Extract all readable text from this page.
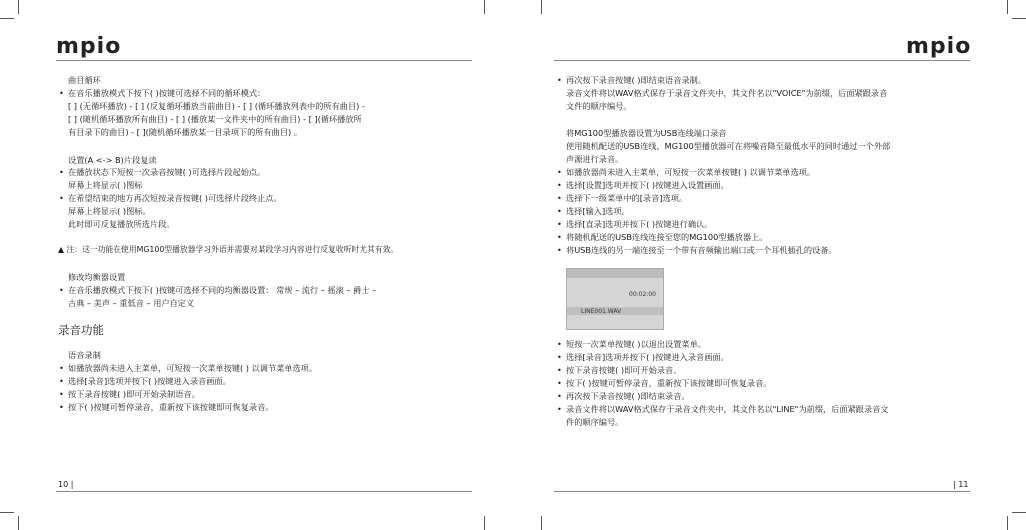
mpio	mpio
曲目循环
• 在音乐播放模式下按下( )按键可选择不同的循环模式：
[ ] (无循环播放) - [ ] (反复循环播放当前曲目) - [ ] (循环播放列表中的所有曲目) -
[ ] (随机循环播放所有曲目) - [ ] (播放某一文件夹中的所有曲目) - [ ](循环播放所
有目录下的曲目) - [ ](随机循环播放某一目录项下的所有曲目) 。
设置(A <-> B)片段复读
• 在播放状态下短按一次录音按键( )可选择片段起始点。
屏幕上将显示( )图标
• 在希望结束的地方再次短按录音按键( )可选择片段终止点。
屏幕上将显示( )图标。
此时即可反复播放所选片段。
▲ 注：这一功能在使用MG100型播放器学习外语并需要对某段学习内容进行反复收听时尤其有效。
修改均衡器设置
• 在音乐播放模式下按下( )按键可选择不同的均衡器设置： 常规 – 流行 – 摇滚 – 爵士 –
古典 – 美声 – 重低音 – 用户自定义
录音功能
语音录制
• 如播放器尚未进入主菜单，可短按一次菜单按键( ) 以调节菜单选项。
• 选择[录音]选项并按下( )按键进入录音画面。
• 按下录音按键( )即可开始录制语音。
• 按下( )按键可暂停录音，重新按下该按键即可恢复录音。
10 |
• 再次按下录音按键( )即结束语音录制。
录音文件将以WAV格式保存于录音文件夹中，其文件名以"VOICE"为前缀，后面紧跟录音
文件的顺序编号。
将MG100型播放器设置为USB连线端口录音
使用随机配送的USB连线，MG100型播放器可在将噪音降至最低水平的同时通过一个外部
声源进行录音。
• 如播放器尚未进入主菜单，可短按一次菜单按键( ) 以调节菜单选项。
• 选择[设置]选项并按下( )按键进入设置画面。
• 选择下一级菜单中的[录音]选项。
• 选择[输入]选项。
• 选择[直录]选项并按下( )按键进行确认。
• 将随机配送的USB连线连接至您的MG100型播放器上。
• 将USB连线的另一端连接至一个带有音频输出端口或一个耳机插孔的设备。
00:02:00
LINE001.WAV
• 短按一次菜单按键( )以退出设置菜单。
• 选择[录音]选项并按下( )按键进入录音画面。
• 按下录音按键( )即可开始录音。
• 按下( )按键可暂停录音，重新按下该按键即可恢复录音。
• 再次按下录音按键( )即结束录音。
• 录音文件将以WAV格式保存于录音文件夹中，其文件名以"LINE"为前缀，后面紧跟录音文
件的顺序编号。
| 11
